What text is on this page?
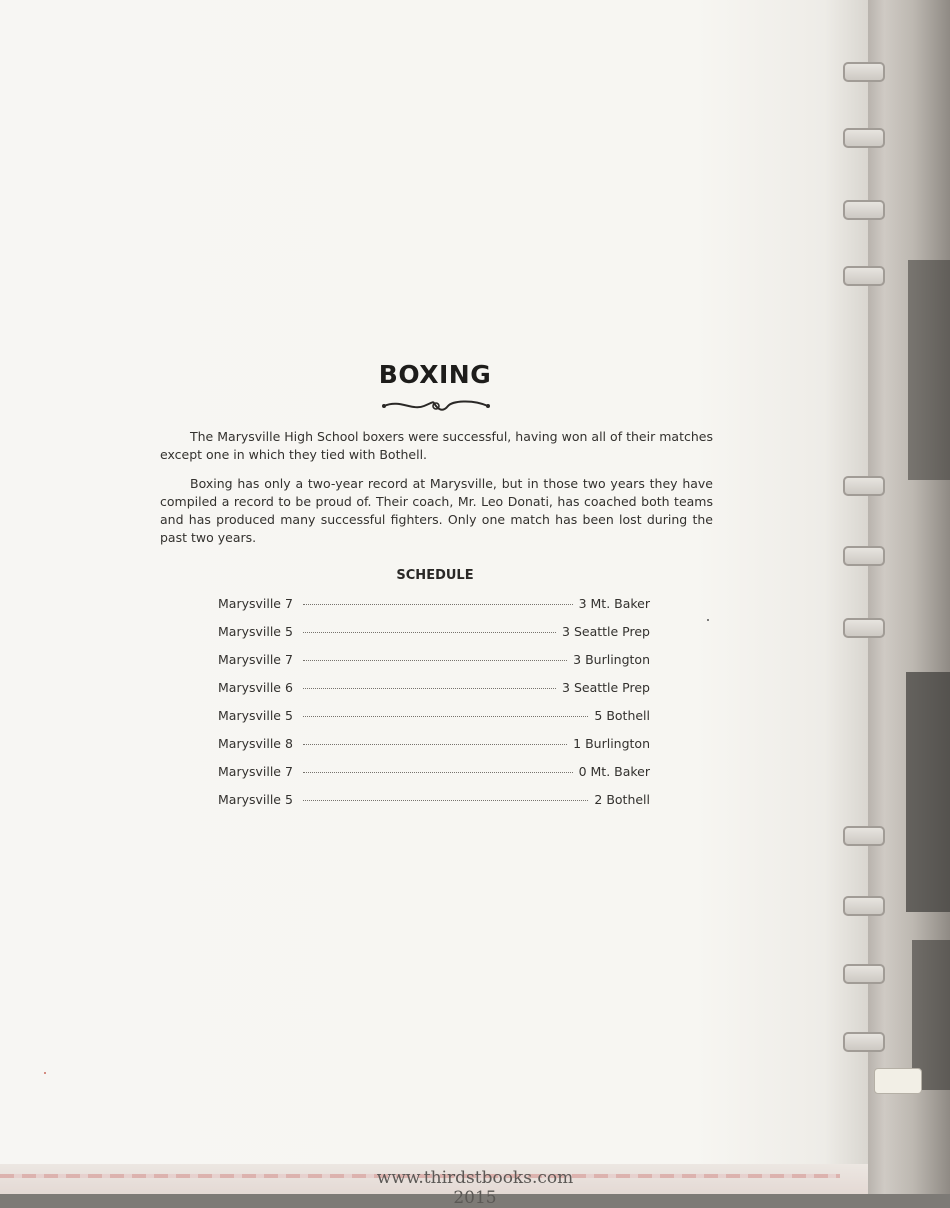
BOXING

The Marysville High School boxers were successful, having won all of their matches except one in which they tied with Bothell.

Boxing has only a two-year record at Marysville, but in those two years they have compiled a record to be proud of. Their coach, Mr. Leo Donati, has coached both teams and has produced many successful fighters. Only one match has been lost during the past two years.

SCHEDULE
Marysville 7	3 Mt. Baker
Marysville 5	3 Seattle Prep
Marysville 7	3 Burlington
Marysville 6	3 Seattle Prep
Marysville 5	5 Bothell
Marysville 8	1 Burlington
Marysville 7	0 Mt. Baker
Marysville 5	2 Bothell
www.thirdstbooks.com 2015
